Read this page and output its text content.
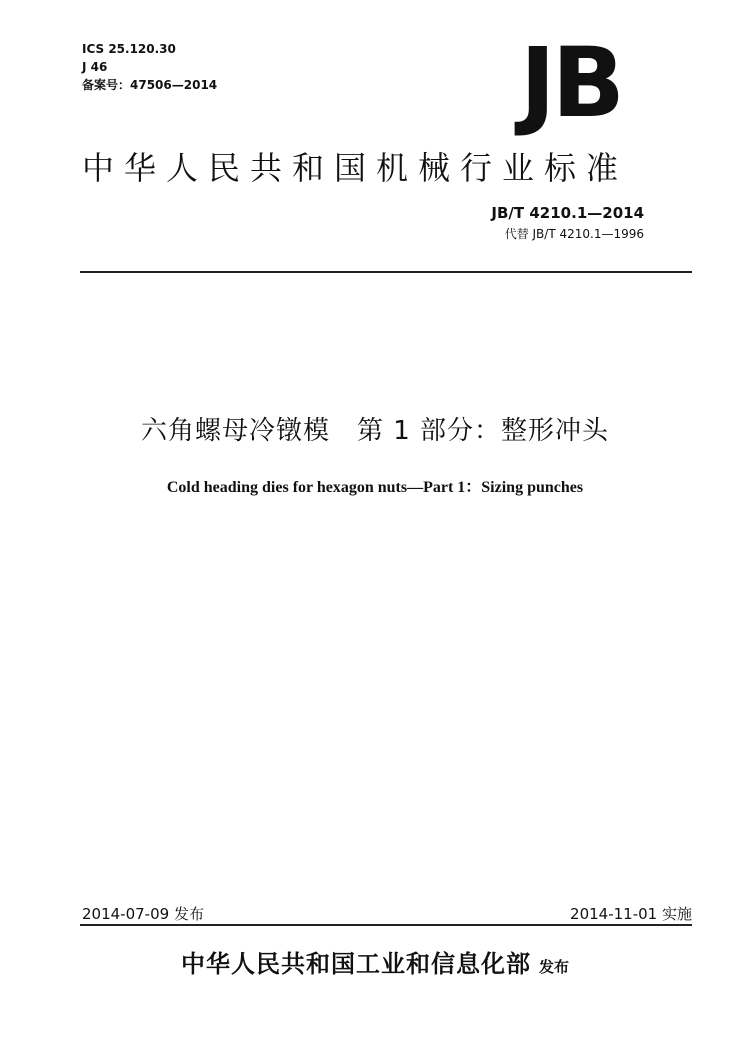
ICS 25.120.30
J 46
备案号：47506—2014	JB
中华人民共和国机械行业标准
JB/T 4210.1—2014
代替 JB/T 4210.1—1996
六角螺母冷镦模　第 1 部分：整形冲头
Cold heading dies for hexagon nuts—Part 1：Sizing punches
2014-07-09 发布	2014-11-01 实施
中华人民共和国工业和信息化部 发布
